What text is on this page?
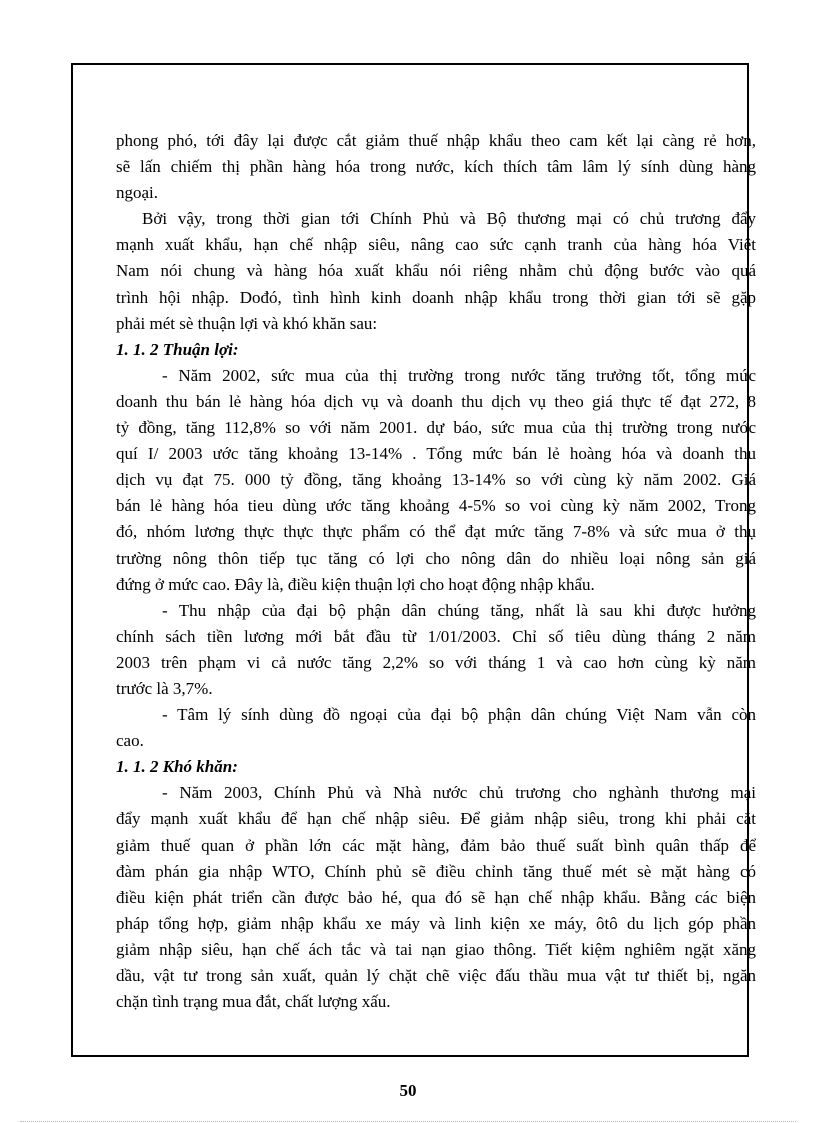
phong phó, tới đây lại được cắt giảm thuế nhập khẩu theo cam kết lại càng rẻ hơn,
sẽ lấn chiếm thị phần hàng hóa trong nước, kích thích tâm lâm lý sính dùng hàng
ngoại.
Bởi vậy, trong thời gian tới Chính Phủ và Bộ thương mại có chủ trương đẩy
mạnh xuất khẩu, hạn chế nhập siêu, nâng cao sức cạnh tranh của hàng hóa Việt
Nam nói chung và hàng hóa xuất khẩu nói riêng nhằm chủ động bước vào quá
trình hội nhập. Dođó, tình hình kinh doanh nhập khẩu trong thời gian tới sẽ gặp
phải mét sè thuận lợi và khó khăn sau:
1. 1. 2 Thuận lợi:
- Năm 2002, sức mua của thị trường trong nước tăng trưởng tốt, tổng mức
doanh thu bán lẻ hàng hóa dịch vụ và doanh thu dịch vụ theo giá thực tế đạt 272, 8
tỷ đồng, tăng 112,8% so với năm 2001. dự báo, sức mua của thị trường trong nước
quí I/ 2003 ước tăng khoảng 13-14% . Tổng mức bán lẻ hoàng hóa và doanh thu
dịch vụ đạt 75. 000 tỷ đồng, tăng khoảng 13-14% so với cùng kỳ năm 2002. Giá
bán lẻ hàng hóa tieu dùng ước tăng khoảng 4-5% so voi cùng kỳ năm 2002, Trong
đó, nhóm lương thực thực thực phẩm có thể đạt mức tăng 7-8% và sức mua ở thụ
trường nông thôn tiếp tục tăng có lợi cho nông dân do nhiều loại nông sản giá
đứng ở mức cao. Đây là, điều kiện thuận lợi cho hoạt động nhập khẩu.
- Thu nhập của đại bộ phận dân chúng tăng, nhất là sau khi được hưởng
chính sách tiền lương mới bắt đầu từ 1/01/2003. Chỉ số tiêu dùng tháng 2 năm
2003 trên phạm vi cả nước tăng 2,2% so với tháng 1 và cao hơn cùng kỳ năm
trước là 3,7%.
- Tâm lý sính dùng đồ ngoại của đại bộ phận dân chúng Việt Nam vẫn còn
cao.
1. 1. 2 Khó khăn:
- Năm 2003, Chính Phủ và Nhà nước chủ trương cho nghành thương mại
đẩy mạnh xuất khẩu để hạn chế nhập siêu. Để giảm nhập siêu, trong khi phải cắt
giảm thuế quan ở phần lớn các mặt hàng, đảm bảo thuế suất bình quân thấp để
đàm phán gia nhập WTO, Chính phủ sẽ điều chỉnh tăng thuế mét sè mặt hàng có
điều kiện phát triển cần được bảo hé, qua đó sẽ hạn chế nhập khẩu. Bằng các biện
pháp tổng hợp, giảm nhập khẩu xe máy và linh kiện xe máy, ôtô du lịch góp phần
giảm nhập siêu, hạn chế ách tắc và tai nạn giao thông. Tiết kiệm nghiêm ngặt xăng
dầu, vật tư trong sản xuất, quản lý chặt chẽ việc đấu thầu mua vật tư thiết bị, ngăn
chặn tình trạng mua đắt, chất lượng xấu.
50
